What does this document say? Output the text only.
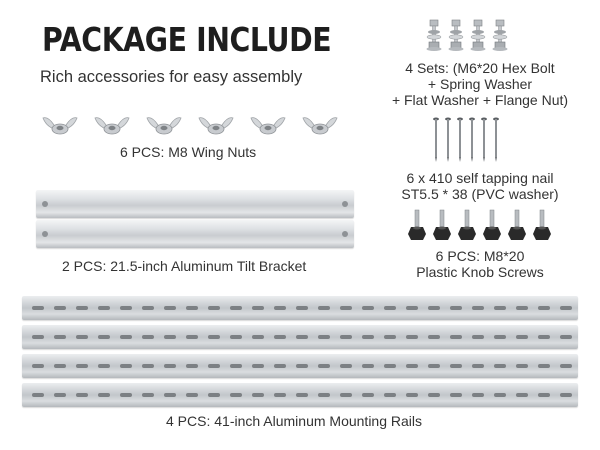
PACKAGE INCLUDE
Rich accessories for easy assembly
6 PCS: M8 Wing Nuts
2 PCS: 21.5-inch Aluminum Tilt Bracket
4 Sets: (M6*20 Hex Bolt
+ Spring Washer
+ Flat Washer + Flange Nut)
6 x 410 self tapping nail
ST5.5 * 38 (PVC washer)
6 PCS: M8*20
Plastic Knob Screws
4 PCS: 41-inch Aluminum Mounting Rails
